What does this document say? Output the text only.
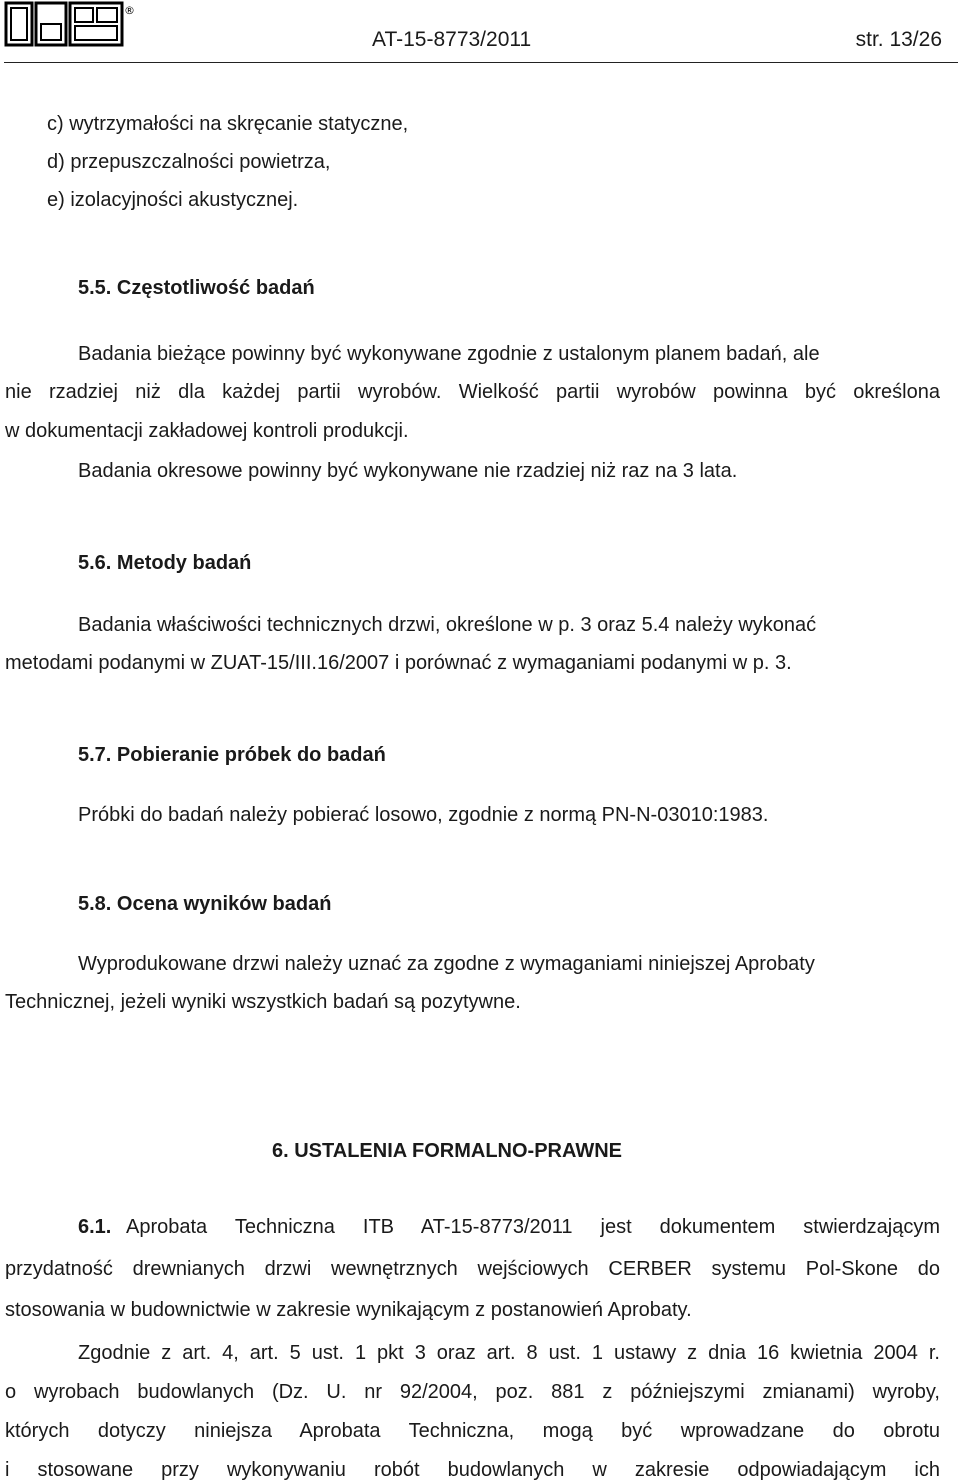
®
AT-15-8773/2011	str. 13/26
c) wytrzymałości na skręcanie statyczne,
d) przepuszczalności powietrza,
e) izolacyjności akustycznej.
5.5. Częstotliwość badań
Badania bieżące powinny być wykonywane zgodnie z ustalonym planem badań, ale
nie rzadziej niż dla każdej partii wyrobów. Wielkość partii wyrobów powinna być określona
w dokumentacji zakładowej kontroli produkcji.
Badania okresowe powinny być wykonywane nie rzadziej niż raz na 3 lata.
5.6. Metody badań
Badania właściwości technicznych drzwi, określone w p. 3 oraz 5.4 należy wykonać
metodami podanymi w ZUAT-15/III.16/2007 i porównać z wymaganiami podanymi w p. 3.
5.7. Pobieranie próbek do badań
Próbki do badań należy pobierać losowo, zgodnie z normą PN-N-03010:1983.
5.8. Ocena wyników badań
Wyprodukowane drzwi należy uznać za zgodne z wymaganiami niniejszej Aprobaty
Technicznej, jeżeli wyniki wszystkich badań są pozytywne.
6. USTALENIA FORMALNO-PRAWNE
6.1. Aprobata Techniczna ITB AT-15-8773/2011 jest dokumentem stwierdzającym
przydatność drewnianych drzwi wewnętrznych wejściowych CERBER systemu Pol-Skone do
stosowania w budownictwie w zakresie wynikającym z postanowień Aprobaty.
Zgodnie z art. 4, art. 5 ust. 1 pkt 3 oraz art. 8 ust. 1 ustawy z dnia 16 kwietnia 2004 r.
o wyrobach budowlanych (Dz. U. nr 92/2004, poz. 881 z późniejszymi zmianami) wyroby,
których dotyczy niniejsza Aprobata Techniczna, mogą być wprowadzane do obrotu
i stosowane przy wykonywaniu robót budowlanych w zakresie odpowiadającym ich
